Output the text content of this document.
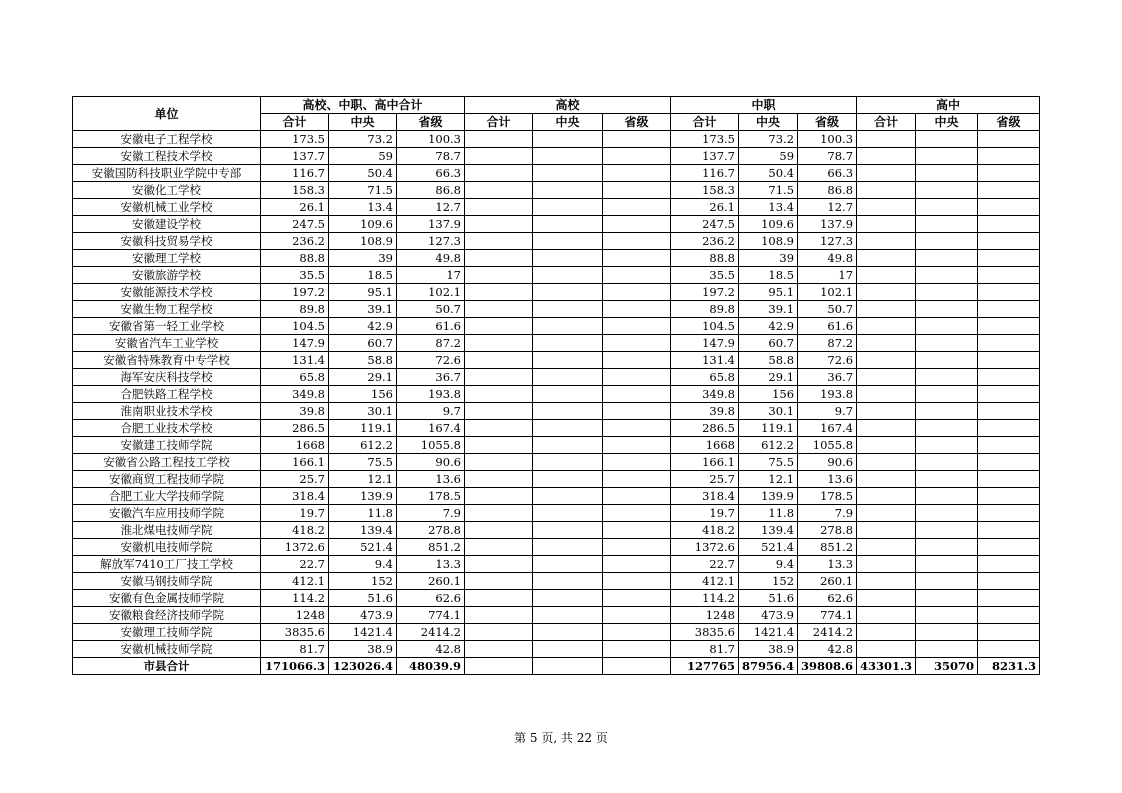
单位	高校、中职、高中合计			高校			中职			高中		
	合计	中央	省级	合计	中央	省级	合计	中央	省级	合计	中央	省级
安徽电子工程学校	173.5	73.2	100.3				173.5	73.2	100.3			
安徽工程技术学校	137.7	59	78.7				137.7	59	78.7			
安徽国防科技职业学院中专部	116.7	50.4	66.3				116.7	50.4	66.3			
安徽化工学校	158.3	71.5	86.8				158.3	71.5	86.8			
安徽机械工业学校	26.1	13.4	12.7				26.1	13.4	12.7			
安徽建设学校	247.5	109.6	137.9				247.5	109.6	137.9			
安徽科技贸易学校	236.2	108.9	127.3				236.2	108.9	127.3			
安徽理工学校	88.8	39	49.8				88.8	39	49.8			
安徽旅游学校	35.5	18.5	17				35.5	18.5	17			
安徽能源技术学校	197.2	95.1	102.1				197.2	95.1	102.1			
安徽生物工程学校	89.8	39.1	50.7				89.8	39.1	50.7			
安徽省第一轻工业学校	104.5	42.9	61.6				104.5	42.9	61.6			
安徽省汽车工业学校	147.9	60.7	87.2				147.9	60.7	87.2			
安徽省特殊教育中专学校	131.4	58.8	72.6				131.4	58.8	72.6			
海军安庆科技学校	65.8	29.1	36.7				65.8	29.1	36.7			
合肥铁路工程学校	349.8	156	193.8				349.8	156	193.8			
淮南职业技术学校	39.8	30.1	9.7				39.8	30.1	9.7			
合肥工业技术学校	286.5	119.1	167.4				286.5	119.1	167.4			
安徽建工技师学院	1668	612.2	1055.8				1668	612.2	1055.8			
安徽省公路工程技工学校	166.1	75.5	90.6				166.1	75.5	90.6			
安徽商贸工程技师学院	25.7	12.1	13.6				25.7	12.1	13.6			
合肥工业大学技师学院	318.4	139.9	178.5				318.4	139.9	178.5			
安徽汽车应用技师学院	19.7	11.8	7.9				19.7	11.8	7.9			
淮北煤电技师学院	418.2	139.4	278.8				418.2	139.4	278.8			
安徽机电技师学院	1372.6	521.4	851.2				1372.6	521.4	851.2			
解放军7410工厂技工学校	22.7	9.4	13.3				22.7	9.4	13.3			
安徽马钢技师学院	412.1	152	260.1				412.1	152	260.1			
安徽有色金属技师学院	114.2	51.6	62.6				114.2	51.6	62.6			
安徽粮食经济技师学院	1248	473.9	774.1				1248	473.9	774.1			
安徽理工技师学院	3835.6	1421.4	2414.2				3835.6	1421.4	2414.2			
安徽机械技师学院	81.7	38.9	42.8				81.7	38.9	42.8			
市县合计	171066.3	123026.4	48039.9				127765	87956.4	39808.6	43301.3	35070	8231.3
第 5 页, 共 22 页
